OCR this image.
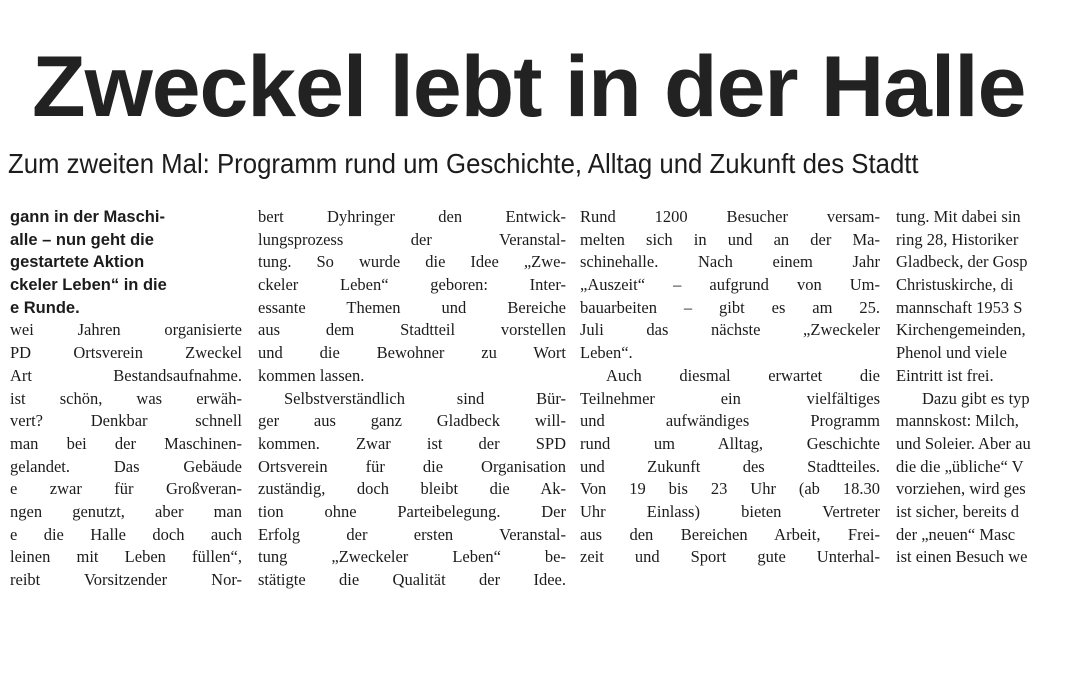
Zweckel lebt in der Halle
Zum zweiten Mal: Programm rund um Geschichte, Alltag und Zukunft des Stadtt
gann in der Maschi-
alle – nun geht die
gestartete Aktion
ckeler Leben“ in die
e Runde.
wei Jahren organisierte
PD Ortsverein Zweckel
Art Bestandsaufnahme.
ist schön, was erwäh-
vert? Denkbar schnell
man bei der Maschinen-
gelandet. Das Gebäude
e zwar für Großveran-
ngen genutzt, aber man
e die Halle doch auch
leinen mit Leben füllen“,
reibt Vorsitzender Nor-
bert Dyhringer den Entwick-
lungsprozess der Veranstal-
tung. So wurde die Idee „Zwe-
ckeler Leben“ geboren: Inter-
essante Themen und Bereiche
aus dem Stadtteil vorstellen
und die Bewohner zu Wort
kommen lassen.
Selbstverständlich sind Bür-
ger aus ganz Gladbeck will-
kommen. Zwar ist der SPD
Ortsverein für die Organisation
zuständig, doch bleibt die Ak-
tion ohne Parteibelegung. Der
Erfolg der ersten Veranstal-
tung „Zweckeler Leben“ be-
stätigte die Qualität der Idee.
Rund 1200 Besucher versam-
melten sich in und an der Ma-
schinehalle. Nach einem Jahr
„Auszeit“ – aufgrund von Um-
bauarbeiten – gibt es am 25.
Juli das nächste „Zweckeler
Leben“.
Auch diesmal erwartet die
Teilnehmer ein vielfältiges
und aufwändiges Programm
rund um Alltag, Geschichte
und Zukunft des Stadtteiles.
Von 19 bis 23 Uhr (ab 18.30
Uhr Einlass) bieten Vertreter
aus den Bereichen Arbeit, Frei-
zeit und Sport gute Unterhal-
tung. Mit dabei sin
ring 28, Historiker
Gladbeck, der Gosp
Christuskirche, di
mannschaft 1953 S
Kirchengemeinden,
Phenol und viele
Eintritt ist frei.
Dazu gibt es typ
mannskost: Milch,
und Soleier. Aber au
die die „übliche“ V
vorziehen, wird ges
ist sicher, bereits d
der „neuen“ Masc
ist einen Besuch we
